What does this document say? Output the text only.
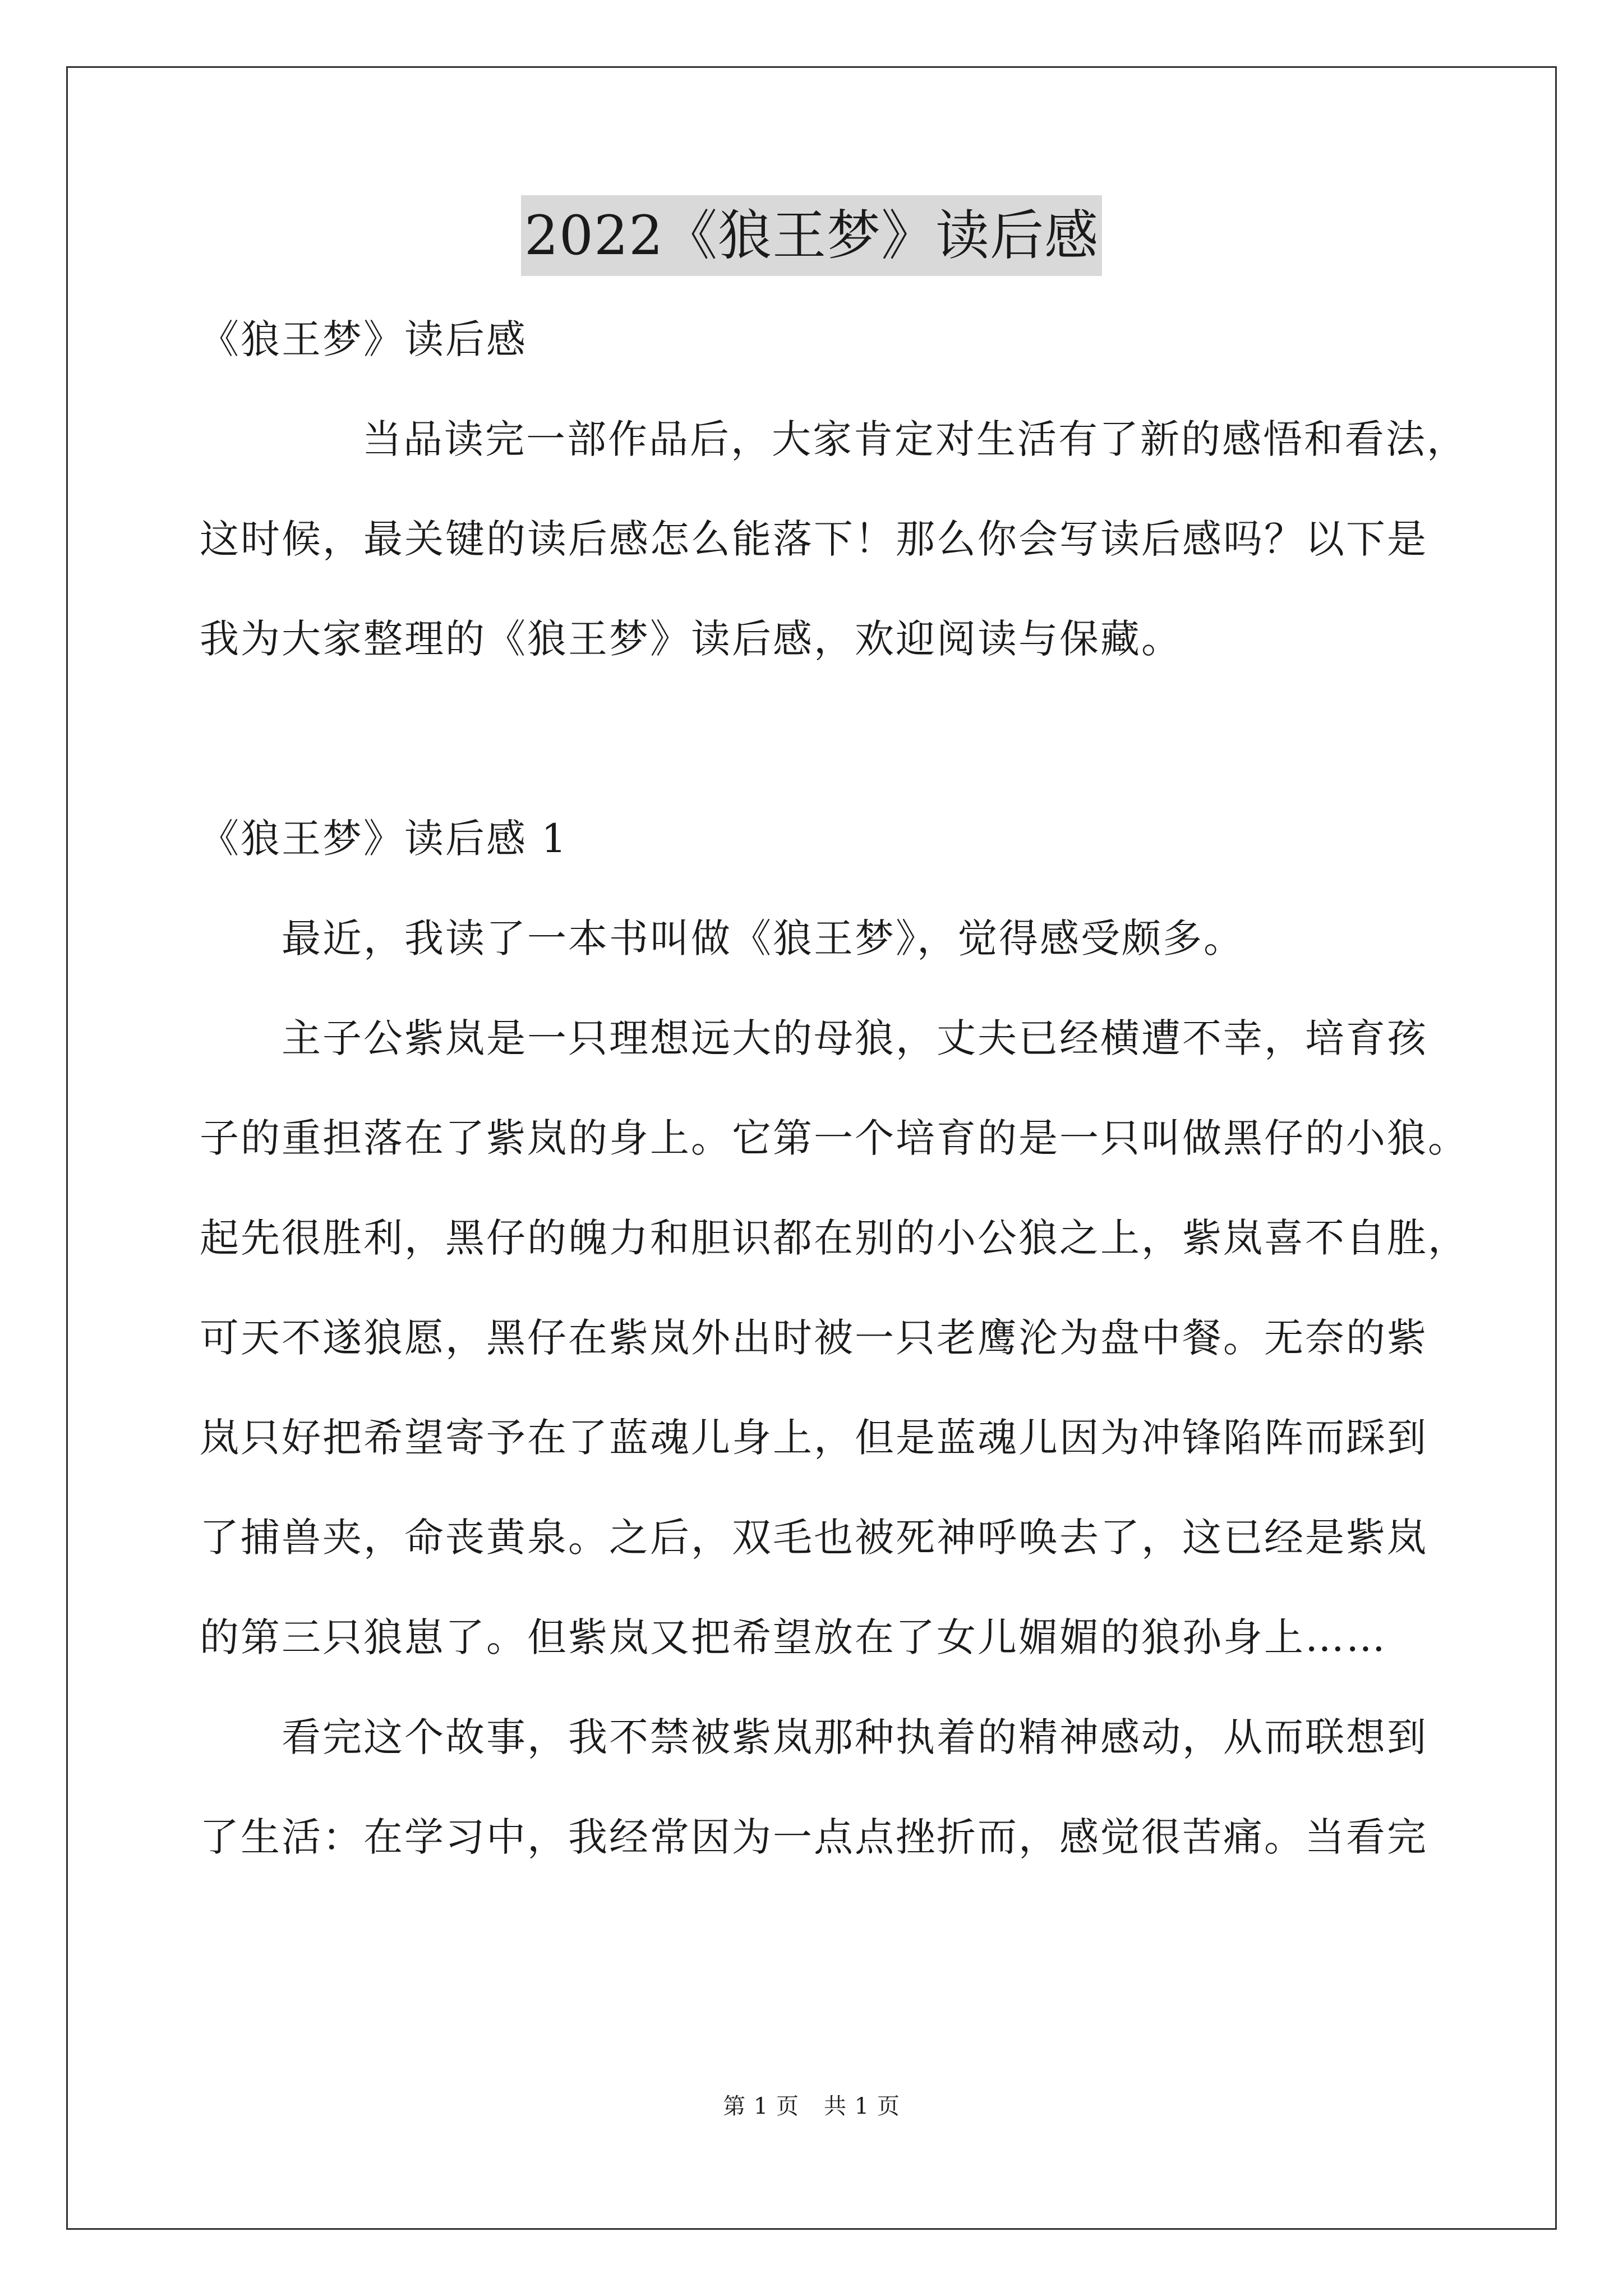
2022《狼王梦》读后感
《狼王梦》读后感
当品读完一部作品后，大家肯定对生活有了新的感悟和看法，
这时候，最关键的读后感怎么能落下！那么你会写读后感吗？以下是
我为大家整理的《狼王梦》读后感，欢迎阅读与保藏。
《狼王梦》读后感 1
最近，我读了一本书叫做《狼王梦》，觉得感受颇多。
主子公紫岚是一只理想远大的母狼，丈夫已经横遭不幸，培育孩
子的重担落在了紫岚的身上。它第一个培育的是一只叫做黑仔的小狼。
起先很胜利，黑仔的魄力和胆识都在别的小公狼之上，紫岚喜不自胜，
可天不遂狼愿，黑仔在紫岚外出时被一只老鹰沦为盘中餐。无奈的紫
岚只好把希望寄予在了蓝魂儿身上，但是蓝魂儿因为冲锋陷阵而踩到
了捕兽夹，命丧黄泉。之后，双毛也被死神呼唤去了，这已经是紫岚
的第三只狼崽了。但紫岚又把希望放在了女儿媚媚的狼孙身上……
看完这个故事，我不禁被紫岚那种执着的精神感动，从而联想到
了生活：在学习中，我经常因为一点点挫折而，感觉很苦痛。当看完
第 1 页 共 1 页
